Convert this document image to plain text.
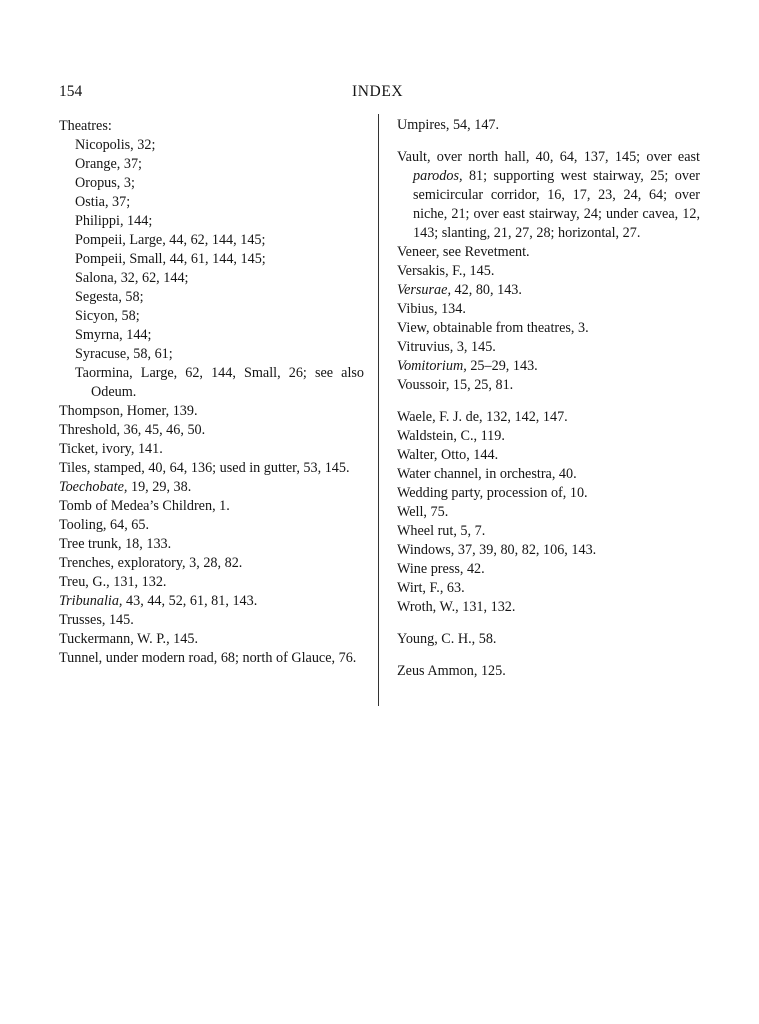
154	INDEX

Theatres:

Nicopolis, 32;

Orange, 37;

Oropus, 3;

Ostia, 37;

Philippi, 144;

Pompeii, Large, 44, 62, 144, 145;

Pompeii, Small, 44, 61, 144, 145;

Salona, 32, 62, 144;

Segesta, 58;

Sicyon, 58;

Smyrna, 144;

Syracuse, 58, 61;

Taormina, Large, 62, 144, Small, 26; see also Odeum.

Thompson, Homer, 139.

Threshold, 36, 45, 46, 50.

Ticket, ivory, 141.

Tiles, stamped, 40, 64, 136; used in gutter, 53, 145.

Toechobate, 19, 29, 38.

Tomb of Medea’s Children, 1.

Tooling, 64, 65.

Tree trunk, 18, 133.

Trenches, exploratory, 3, 28, 82.

Treu, G., 131, 132.

Tribunalia, 43, 44, 52, 61, 81, 143.

Trusses, 145.

Tuckermann, W. P., 145.

Tunnel, under modern road, 68; north of Glauce, 76.

Umpires, 54, 147.

Vault, over north hall, 40, 64, 137, 145; over east parodos, 81; supporting west stairway, 25; over semicircular corridor, 16, 17, 23, 24, 64; over niche, 21; over east stairway, 24; under cavea, 12, 143; slanting, 21, 27, 28; horizontal, 27.

Veneer, see Revetment.

Versakis, F., 145.

Versurae, 42, 80, 143.

Vibius, 134.

View, obtainable from theatres, 3.

Vitruvius, 3, 145.

Vomitorium, 25–29, 143.

Voussoir, 15, 25, 81.

Waele, F. J. de, 132, 142, 147.

Waldstein, C., 119.

Walter, Otto, 144.

Water channel, in orchestra, 40.

Wedding party, procession of, 10.

Well, 75.

Wheel rut, 5, 7.

Windows, 37, 39, 80, 82, 106, 143.

Wine press, 42.

Wirt, F., 63.

Wroth, W., 131, 132.

Young, C. H., 58.

Zeus Ammon, 125.
